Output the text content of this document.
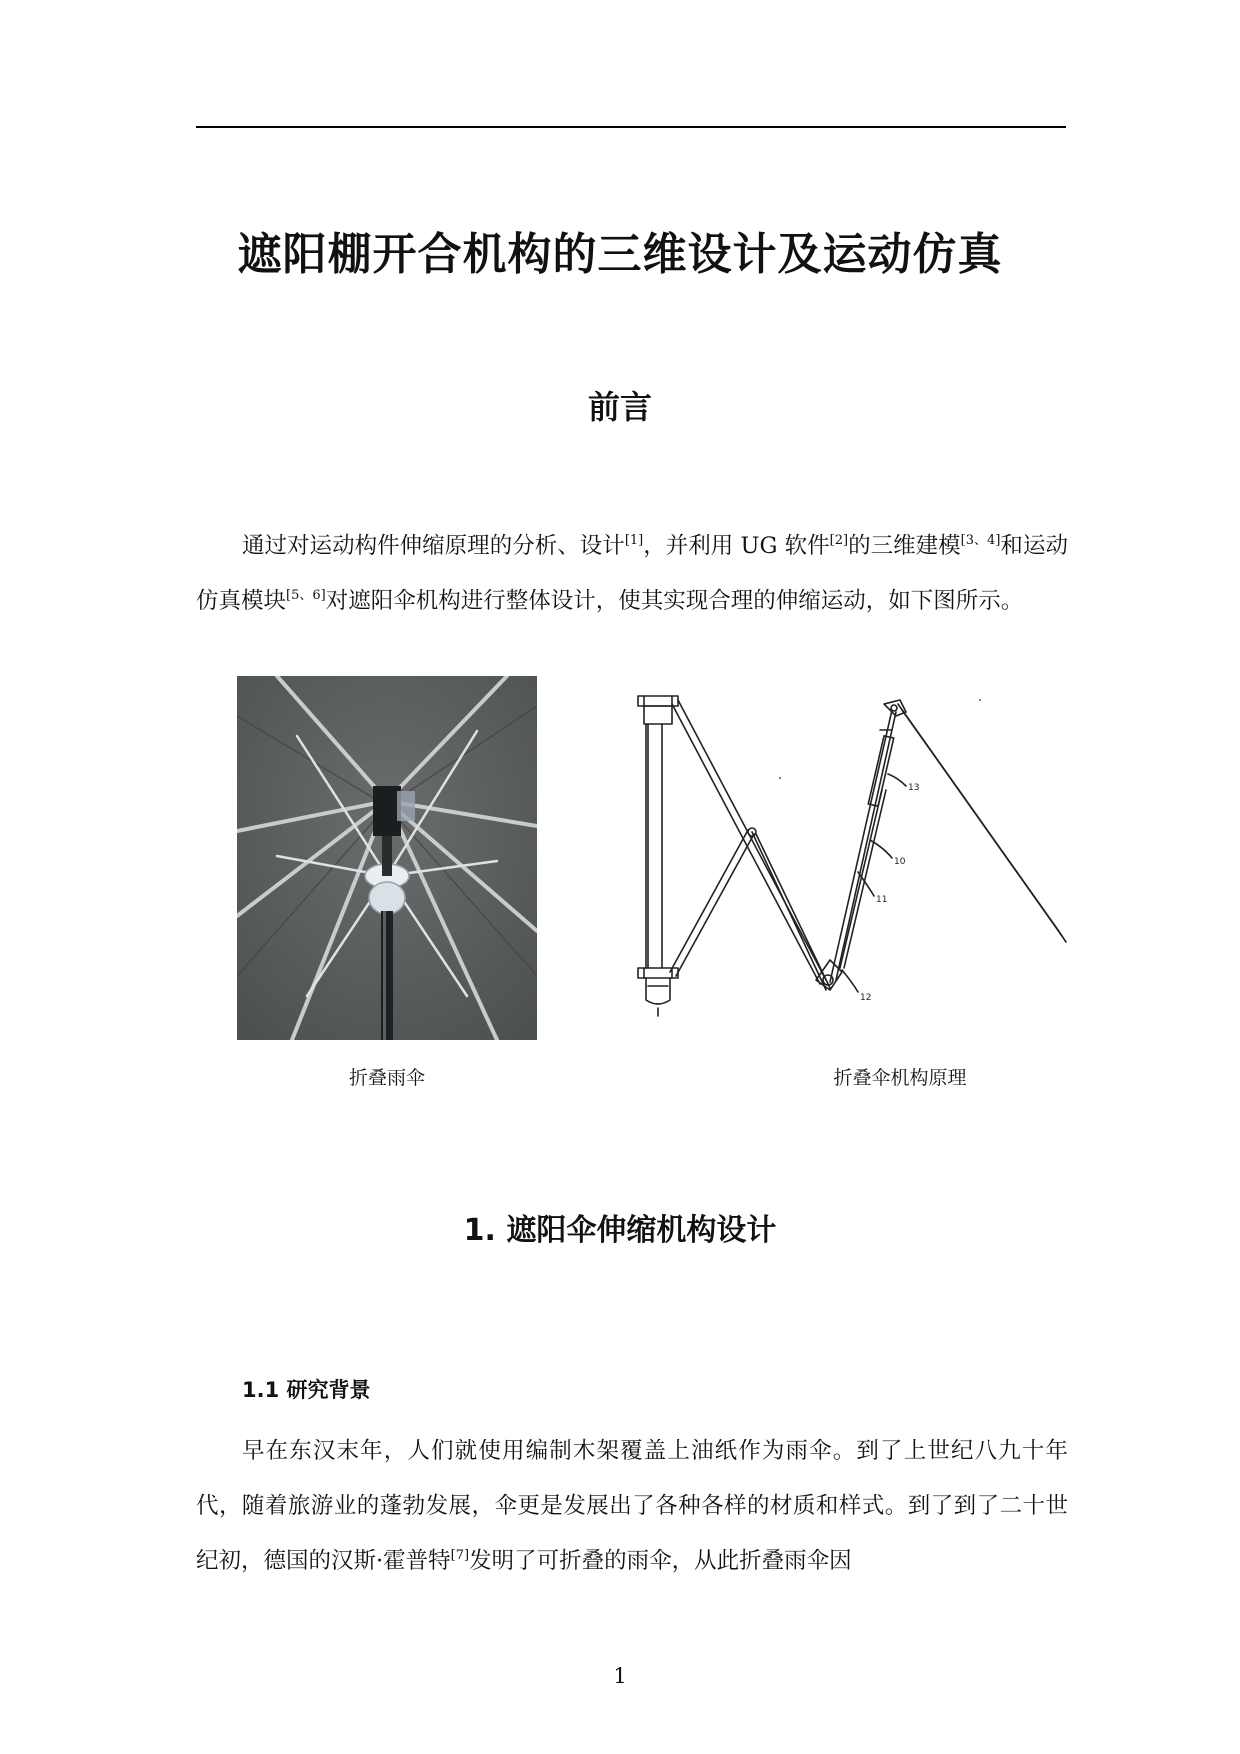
遮阳棚开合机构的三维设计及运动仿真
前言

通过对运动构件伸缩原理的分析、设计[1]，并利用 UG 软件[2]的三维建模[3、4]和运动仿真模块[5、6]对遮阳伞机构进行整体设计，使其实现合理的伸缩运动，如下图所示。

13
10
11
12
折叠雨伞	折叠伞机构原理
1. 遮阳伞伸缩机构设计
1.1 研究背景

早在东汉末年，人们就使用编制木架覆盖上油纸作为雨伞。到了上世纪八九十年代，随着旅游业的蓬勃发展，伞更是发展出了各种各样的材质和样式。到了到了二十世纪初，德国的汉斯·霍普特[7]发明了可折叠的雨伞，从此折叠雨伞因

1
